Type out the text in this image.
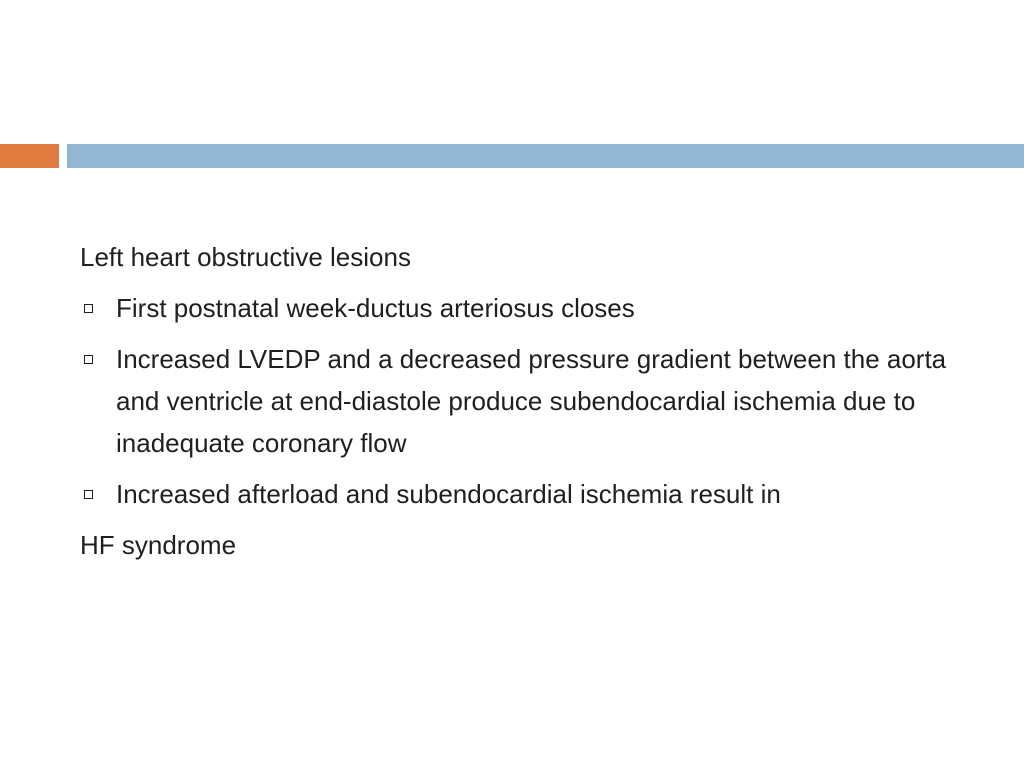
Left heart obstructive lesions

First postnatal week-ductus arteriosus closes
Increased LVEDP and a decreased pressure gradient between the aorta and ventricle at end-diastole produce subendocardial ischemia due to inadequate coronary flow
Increased afterload and subendocardial ischemia result in

HF syndrome
